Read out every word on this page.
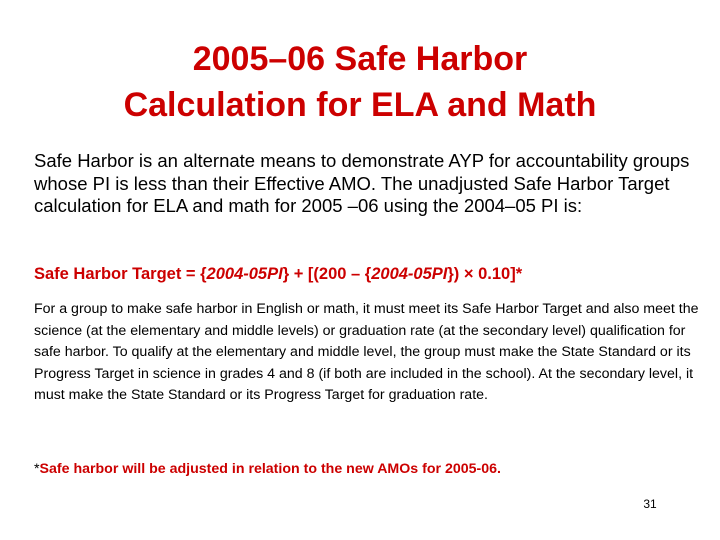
2005–06 Safe Harbor
Calculation for ELA and Math
Safe Harbor is an alternate means to demonstrate AYP for accountability groups whose PI is less than their Effective AMO. The unadjusted Safe Harbor Target calculation for ELA and math for 2005 –06 using the 2004–05 PI is:
Safe Harbor Target = {2004-05PI} + [(200 – {2004-05PI}) × 0.10]*
For a group to make safe harbor in English or math, it must meet its Safe Harbor Target and also meet the science (at the elementary and middle levels) or graduation rate (at the secondary level) qualification for safe harbor. To qualify at the elementary and middle level, the group must make the State Standard or its Progress Target in science in grades 4 and 8 (if both are included in the school). At the secondary level, it must make the State Standard or its Progress Target for graduation rate.
*Safe harbor will be adjusted in relation to the new AMOs for 2005-06.
31
